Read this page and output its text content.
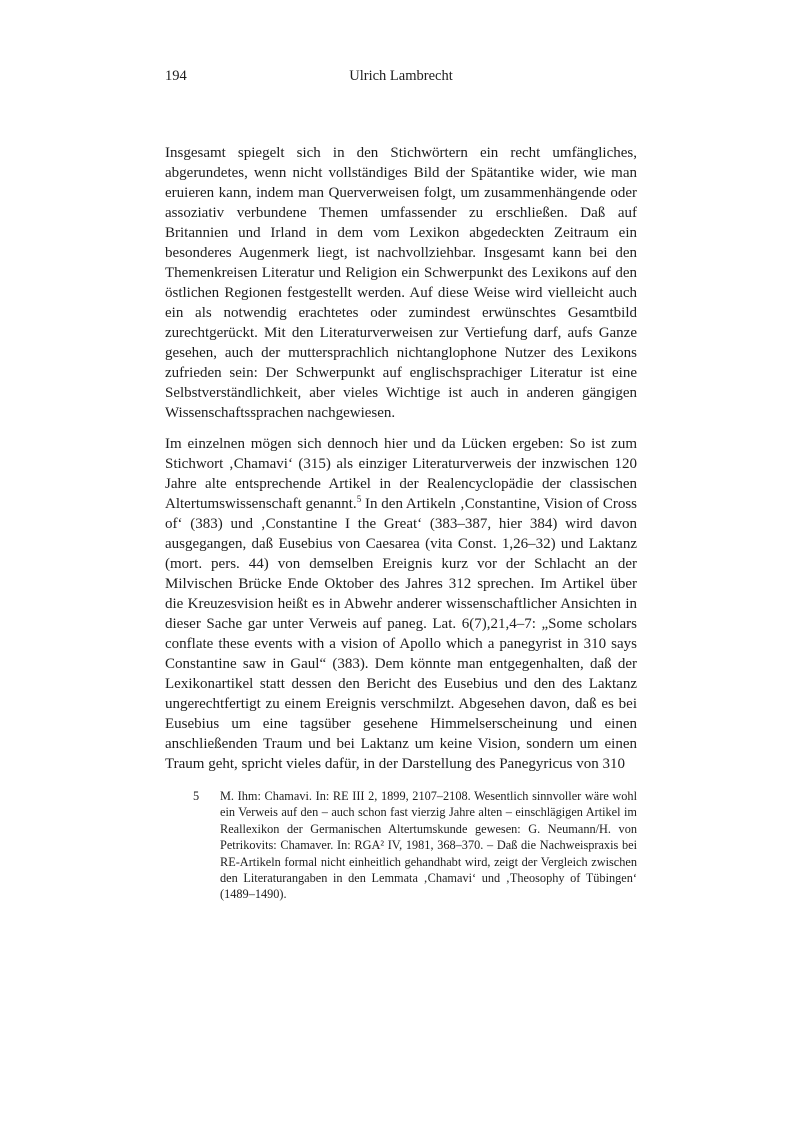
194	Ulrich Lambrecht

Insgesamt spiegelt sich in den Stichwörtern ein recht umfängliches, abgerundetes, wenn nicht vollständiges Bild der Spätantike wider, wie man eruieren kann, indem man Querverweisen folgt, um zusammenhängende oder assoziativ verbundene Themen umfassender zu erschließen. Daß auf Britannien und Irland in dem vom Lexikon abgedeckten Zeitraum ein besonderes Augenmerk liegt, ist nachvollziehbar. Insgesamt kann bei den Themenkreisen Literatur und Religion ein Schwerpunkt des Lexikons auf den östlichen Regionen festgestellt werden. Auf diese Weise wird vielleicht auch ein als notwendig erachtetes oder zumindest erwünschtes Gesamtbild zurechtgerückt. Mit den Literaturverweisen zur Vertiefung darf, aufs Ganze gesehen, auch der muttersprachlich nichtanglophone Nutzer des Lexikons zufrieden sein: Der Schwerpunkt auf englischsprachiger Literatur ist eine Selbstverständlichkeit, aber vieles Wichtige ist auch in anderen gängigen Wissenschaftssprachen nachgewiesen.

Im einzelnen mögen sich dennoch hier und da Lücken ergeben: So ist zum Stichwort ‚Chamavi‘ (315) als einziger Literaturverweis der inzwischen 120 Jahre alte entsprechende Artikel in der Realencyclopädie der classischen Altertumswissenschaft genannt.$^5$ In den Artikeln ‚Constantine, Vision of Cross of‘ (383) und ‚Constantine I the Great‘ (383–387, hier 384) wird davon ausgegangen, daß Eusebius von Caesarea (vita Const. 1,26–32) und Laktanz (mort. pers. 44) von demselben Ereignis kurz vor der Schlacht an der Milvischen Brücke Ende Oktober des Jahres 312 sprechen. Im Artikel über die Kreuzesvision heißt es in Abwehr anderer wissenschaftlicher Ansichten in dieser Sache gar unter Verweis auf paneg. Lat. 6(7),21,4–7: „Some scholars conflate these events with a vision of Apollo which a panegyrist in 310 says Constantine saw in Gaul“ (383). Dem könnte man entgegenhalten, daß der Lexikonartikel statt dessen den Bericht des Eusebius und den des Laktanz ungerechtfertigt zu einem Ereignis verschmilzt. Abgesehen davon, daß es bei Eusebius um eine tagsüber gesehene Himmelserscheinung und einen anschließenden Traum und bei Laktanz um keine Vision, sondern um einen Traum geht, spricht vieles dafür, in der Darstellung des Panegyricus von 310

5	M. Ihm: Chamavi. In: RE III 2, 1899, 2107–2108. Wesentlich sinnvoller wäre wohl ein Verweis auf den – auch schon fast vierzig Jahre alten – einschlägigen Artikel im Reallexikon der Germanischen Altertumskunde gewesen: G. Neumann/H. von Petrikovits: Chamaver. In: RGA² IV, 1981, 368–370. – Daß die Nachweispraxis bei RE-Artikeln formal nicht einheitlich gehandhabt wird, zeigt der Vergleich zwischen den Literaturangaben in den Lemmata ‚Chamavi‘ und ‚Theosophy of Tübingen‘ (1489–1490).
